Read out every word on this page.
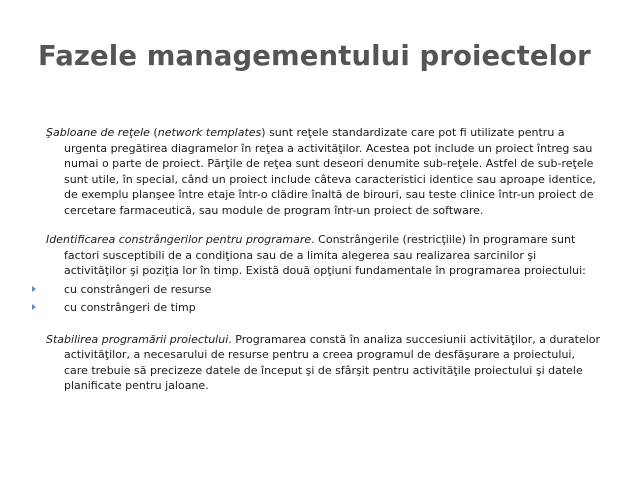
Fazele managementului proiectelor

Şabloane de reţele (network templates) sunt reţele standardizate care pot fi utilizate pentru a urgenta pregătirea diagramelor în reţea a activităţilor. Acestea pot include un proiect întreg sau numai o parte de proiect. Părţile de reţea sunt deseori denumite sub-reţele. Astfel de sub-reţele sunt utile, în special, când un proiect include câteva caracteristici identice sau aproape identice, de exemplu planşee între etaje într-o clădire înaltă de birouri, sau teste clinice într-un proiect de cercetare farmaceutică, sau module de program într-un proiect de software.

Identificarea constrângerilor pentru programare. Constrângerile (restricţiile) în programare sunt factori susceptibili de a condiţiona sau de a limita alegerea sau realizarea sarcinilor şi activităţilor şi poziţia lor în timp. Există două opţiuni fundamentale în programarea proiectului:

cu constrângeri de resurse
cu constrângeri de timp

Stabilirea programării proiectului. Programarea constă în analiza succesiunii activităţilor, a duratelor activităţilor, a necesarului de resurse pentru a creea programul de desfăşurare a proiectului, care trebuie să precizeze datele de început şi de sfârşit pentru activităţile proiectului şi datele planificate pentru jaloane.
